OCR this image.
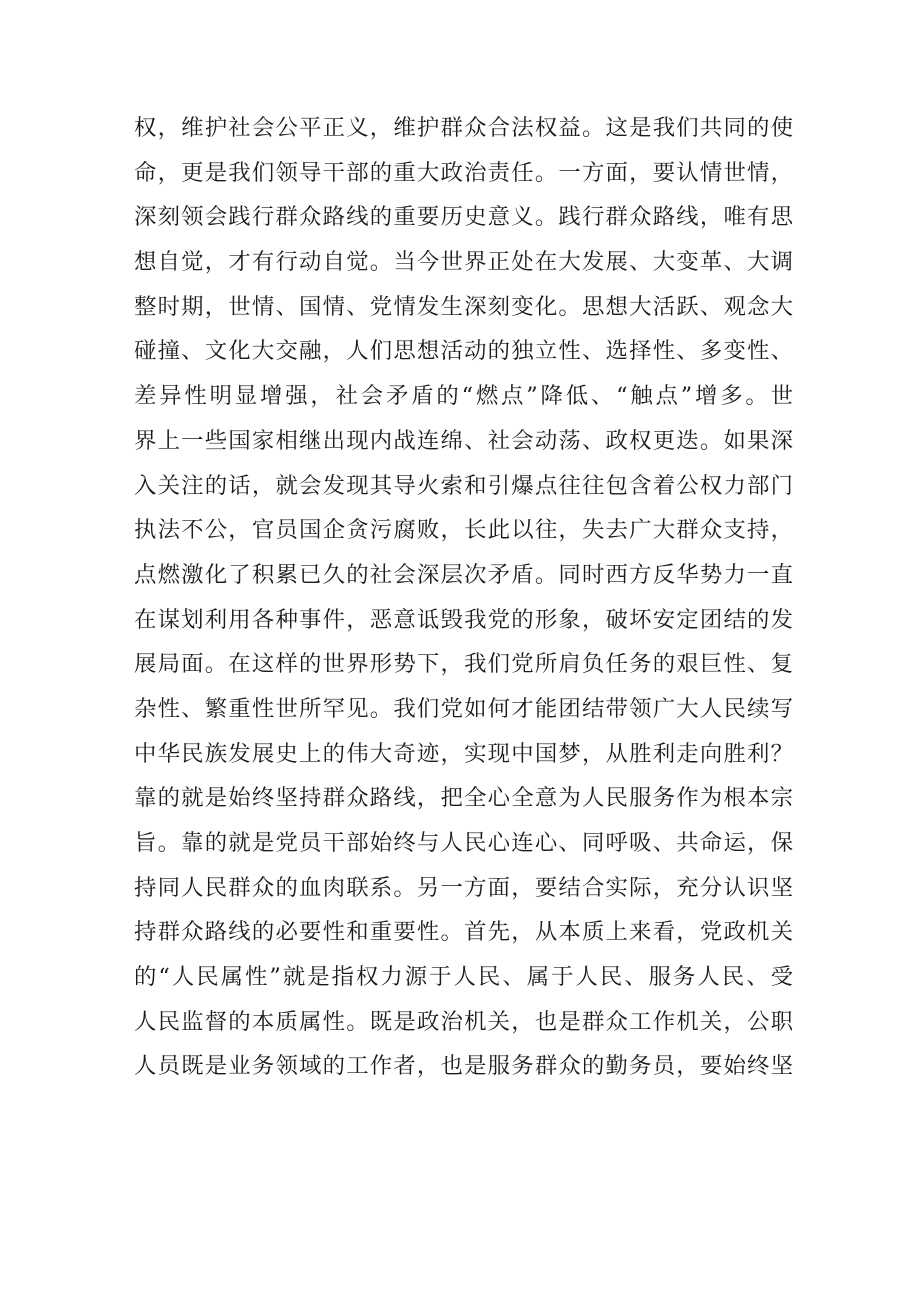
权，维护社会公平正义，维护群众合法权益。这是我们共同的使
命，更是我们领导干部的重大政治责任。一方面，要认情世情，
深刻领会践行群众路线的重要历史意义。践行群众路线，唯有思
想自觉，才有行动自觉。当今世界正处在大发展、大变革、大调
整时期，世情、国情、党情发生深刻变化。思想大活跃、观念大
碰撞、文化大交融，人们思想活动的独立性、选择性、多变性、
差异性明显增强，社会矛盾的“燃点”降低、“触点”增多。世
界上一些国家相继出现内战连绵、社会动荡、政权更迭。如果深
入关注的话，就会发现其导火索和引爆点往往包含着公权力部门
执法不公，官员国企贪污腐败，长此以往，失去广大群众支持，
点燃激化了积累已久的社会深层次矛盾。同时西方反华势力一直
在谋划利用各种事件，恶意诋毁我党的形象，破坏安定团结的发
展局面。在这样的世界形势下，我们党所肩负任务的艰巨性、复
杂性、繁重性世所罕见。我们党如何才能团结带领广大人民续写
中华民族发展史上的伟大奇迹，实现中国梦，从胜利走向胜利？
靠的就是始终坚持群众路线，把全心全意为人民服务作为根本宗
旨。靠的就是党员干部始终与人民心连心、同呼吸、共命运，保
持同人民群众的血肉联系。另一方面，要结合实际，充分认识坚
持群众路线的必要性和重要性。首先，从本质上来看，党政机关
的“人民属性”就是指权力源于人民、属于人民、服务人民、受
人民监督的本质属性。既是政治机关，也是群众工作机关，公职
人员既是业务领域的工作者，也是服务群众的勤务员，要始终坚
